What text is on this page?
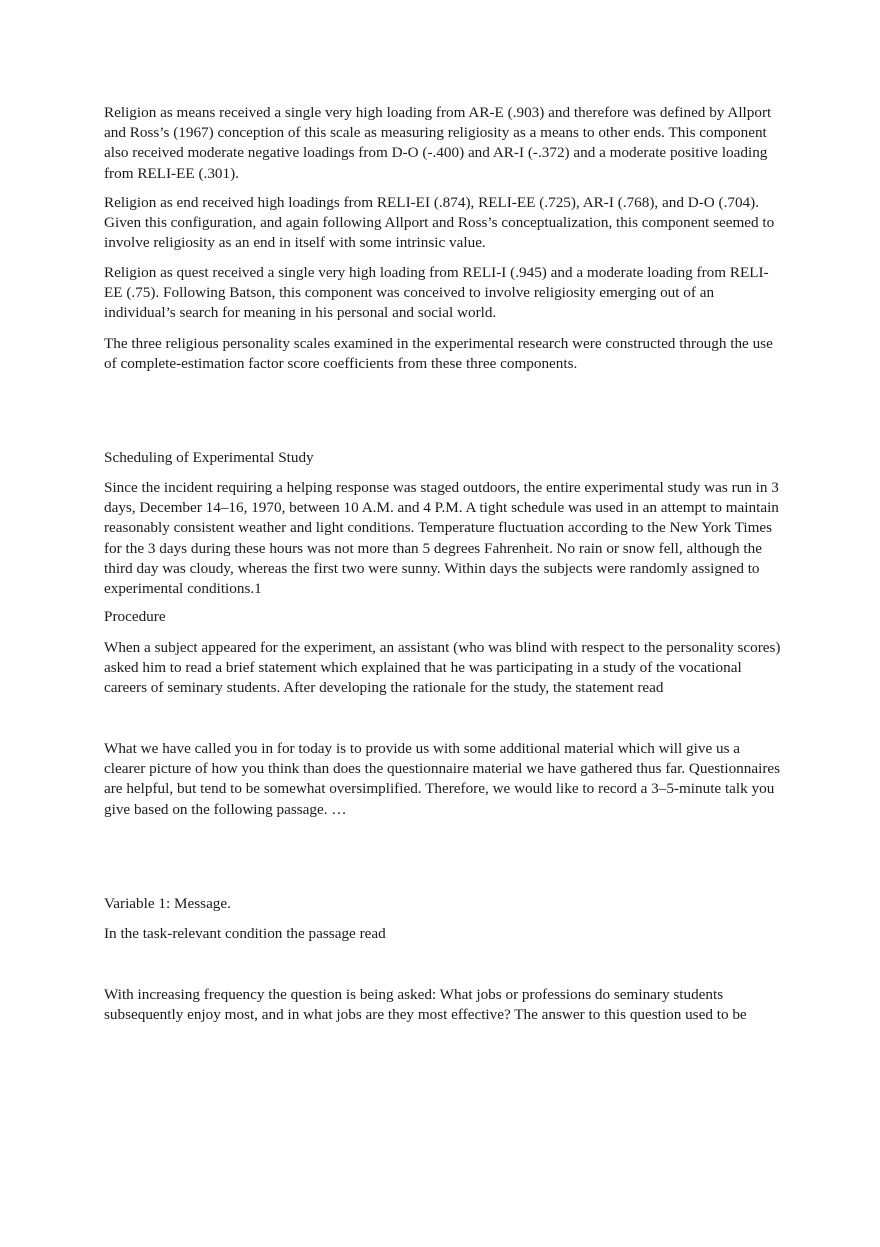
Religion as means received a single very high loading from AR-E (.903) and therefore was defined by Allport and Ross’s (1967) conception of this scale as measuring religiosity as a means to other ends. This component also received moderate negative loadings from D-O (-.400) and AR-I (-.372) and a moderate positive loading from RELI-EE (.301).

Religion as end received high loadings from RELI-EI (.874), RELI-EE (.725), AR-I (.768), and D-O (.704). Given this configuration, and again following Allport and Ross’s conceptualization, this component seemed to involve religiosity as an end in itself with some intrinsic value.

Religion as quest received a single very high loading from RELI-I (.945) and a moderate loading from RELI-EE (.75). Following Batson, this component was conceived to involve religiosity emerging out of an individual’s search for meaning in his personal and social world.

The three religious personality scales examined in the experimental research were constructed through the use of complete-estimation factor score coefficients from these three components.

Scheduling of Experimental Study

Since the incident requiring a helping response was staged outdoors, the entire experimental study was run in 3 days, December 14–16, 1970, between 10 A.M. and 4 P.M. A tight schedule was used in an attempt to maintain reasonably consistent weather and light conditions. Temperature fluctuation according to the New York Times for the 3 days during these hours was not more than 5 degrees Fahrenheit. No rain or snow fell, although the third day was cloudy, whereas the first two were sunny. Within days the subjects were randomly assigned to experimental conditions.1

Procedure

When a subject appeared for the experiment, an assistant (who was blind with respect to the personality scores) asked him to read a brief statement which explained that he was participating in a study of the vocational careers of seminary students. After developing the rationale for the study, the statement read

What we have called you in for today is to provide us with some additional material which will give us a clearer picture of how you think than does the questionnaire material we have gathered thus far. Questionnaires are helpful, but tend to be somewhat oversimplified. Therefore, we would like to record a 3–5-minute talk you give based on the following passage. …

Variable 1: Message.

In the task-relevant condition the passage read

With increasing frequency the question is being asked: What jobs or professions do seminary students subsequently enjoy most, and in what jobs are they most effective? The answer to this question used to be
